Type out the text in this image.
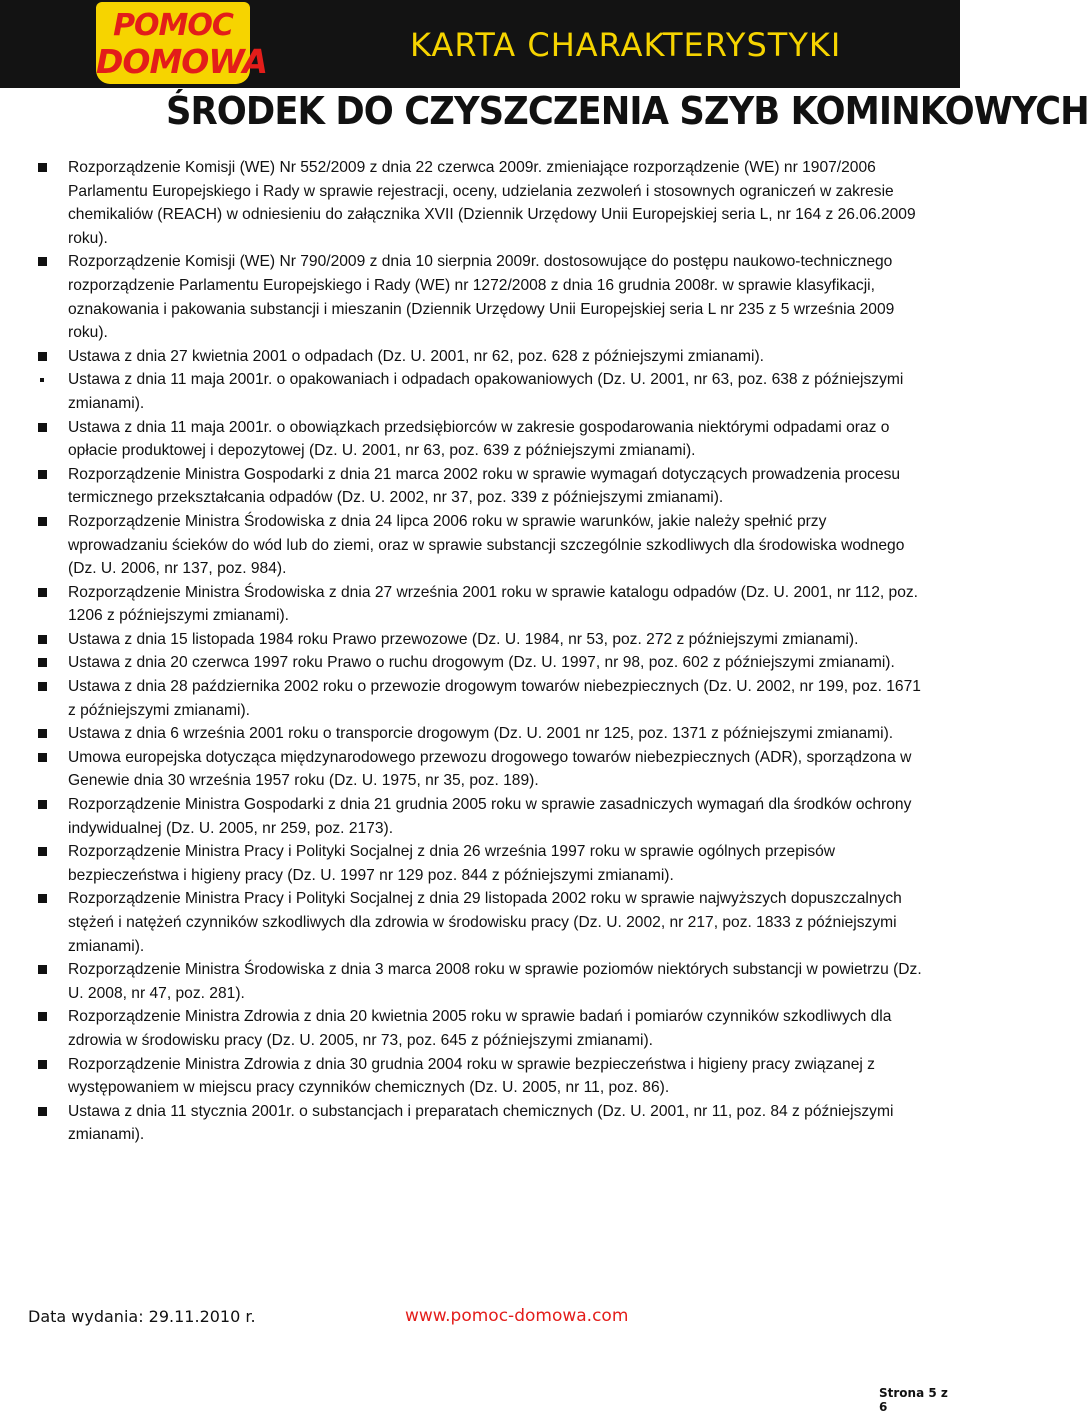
POMOC
DOMOWA	KARTA CHARAKTERYSTYKI
ŚRODEK DO CZYSZCZENIA SZYB KOMINKOWYCH
Rozporządzenie Komisji (WE) Nr 552/2009 z dnia 22 czerwca 2009r. zmieniające rozporządzenie (WE) nr 1907/2006 Parlamentu Europejskiego i Rady w sprawie rejestracji, oceny, udzielania zezwoleń i stosownych ograniczeń w zakresie chemikaliów (REACH) w odniesieniu do załącznika XVII (Dziennik Urzędowy Unii Europejskiej seria L, nr 164 z 26.06.2009 roku).
Rozporządzenie Komisji (WE) Nr 790/2009 z dnia 10 sierpnia 2009r. dostosowujące do postępu naukowo-technicznego rozporządzenie Parlamentu Europejskiego i Rady (WE) nr 1272/2008 z dnia 16 grudnia 2008r. w sprawie klasyfikacji, oznakowania i pakowania substancji i mieszanin (Dziennik Urzędowy Unii Europejskiej seria L nr 235 z 5 września 2009 roku).
Ustawa z dnia 27 kwietnia 2001 o odpadach (Dz. U. 2001, nr 62, poz. 628 z późniejszymi zmianami).
Ustawa z dnia 11 maja 2001r. o opakowaniach i odpadach opakowaniowych (Dz. U. 2001, nr 63, poz. 638 z późniejszymi zmianami).
Ustawa z dnia 11 maja 2001r. o obowiązkach przedsiębiorców w zakresie gospodarowania niektórymi odpadami oraz o opłacie produktowej i depozytowej (Dz. U. 2001, nr 63, poz. 639 z późniejszymi zmianami).
Rozporządzenie Ministra Gospodarki z dnia 21 marca 2002 roku w sprawie wymagań dotyczących prowadzenia procesu termicznego przekształcania odpadów (Dz. U. 2002, nr 37, poz. 339 z późniejszymi zmianami).
Rozporządzenie Ministra Środowiska z dnia 24 lipca 2006 roku w sprawie warunków, jakie należy spełnić przy wprowadzaniu ścieków do wód lub do ziemi, oraz w sprawie substancji szczególnie szkodliwych dla środowiska wodnego (Dz. U. 2006, nr 137, poz. 984).
Rozporządzenie Ministra Środowiska z dnia 27 września 2001 roku w sprawie katalogu odpadów (Dz. U. 2001, nr 112, poz. 1206 z późniejszymi zmianami).
Ustawa z dnia 15 listopada 1984 roku Prawo przewozowe (Dz. U. 1984, nr 53, poz. 272 z późniejszymi zmianami).
Ustawa z dnia 20 czerwca 1997 roku Prawo o ruchu drogowym (Dz. U. 1997, nr 98, poz. 602 z późniejszymi zmianami).
Ustawa z dnia 28 października 2002 roku o przewozie drogowym towarów niebezpiecznych (Dz. U. 2002, nr 199, poz. 1671 z późniejszymi zmianami).
Ustawa z dnia 6 września 2001 roku o transporcie drogowym (Dz. U. 2001 nr 125, poz. 1371 z późniejszymi zmianami).
Umowa europejska dotycząca międzynarodowego przewozu drogowego towarów niebezpiecznych (ADR), sporządzona w Genewie dnia 30 września 1957 roku (Dz. U. 1975, nr 35, poz. 189).
Rozporządzenie Ministra Gospodarki z dnia 21 grudnia 2005 roku w sprawie zasadniczych wymagań dla środków ochrony indywidualnej (Dz. U. 2005, nr 259, poz. 2173).
Rozporządzenie Ministra Pracy i Polityki Socjalnej z dnia 26 września 1997 roku w sprawie ogólnych przepisów bezpieczeństwa i higieny pracy (Dz. U. 1997 nr 129 poz. 844 z późniejszymi zmianami).
Rozporządzenie Ministra Pracy i Polityki Socjalnej z dnia 29 listopada 2002 roku w sprawie najwyższych dopuszczalnych stężeń i natężeń czynników szkodliwych dla zdrowia w środowisku pracy (Dz. U. 2002, nr 217, poz. 1833 z późniejszymi zmianami).
Rozporządzenie Ministra Środowiska z dnia 3 marca 2008 roku w sprawie poziomów niektórych substancji w powietrzu (Dz. U. 2008, nr 47, poz. 281).
Rozporządzenie Ministra Zdrowia z dnia 20 kwietnia 2005 roku w sprawie badań i pomiarów czynników szkodliwych dla zdrowia w środowisku pracy (Dz. U. 2005, nr 73, poz. 645 z późniejszymi zmianami).
Rozporządzenie Ministra Zdrowia z dnia 30 grudnia 2004 roku w sprawie bezpieczeństwa i higieny pracy związanej z występowaniem w miejscu pracy czynników chemicznych (Dz. U. 2005, nr 11, poz. 86).
Ustawa z dnia 11 stycznia 2001r. o substancjach i preparatach chemicznych (Dz. U. 2001, nr 11, poz. 84 z późniejszymi zmianami).
Data wydania: 29.11.2010 r.	www.pomoc-domowa.com
Strona 5 z 6
